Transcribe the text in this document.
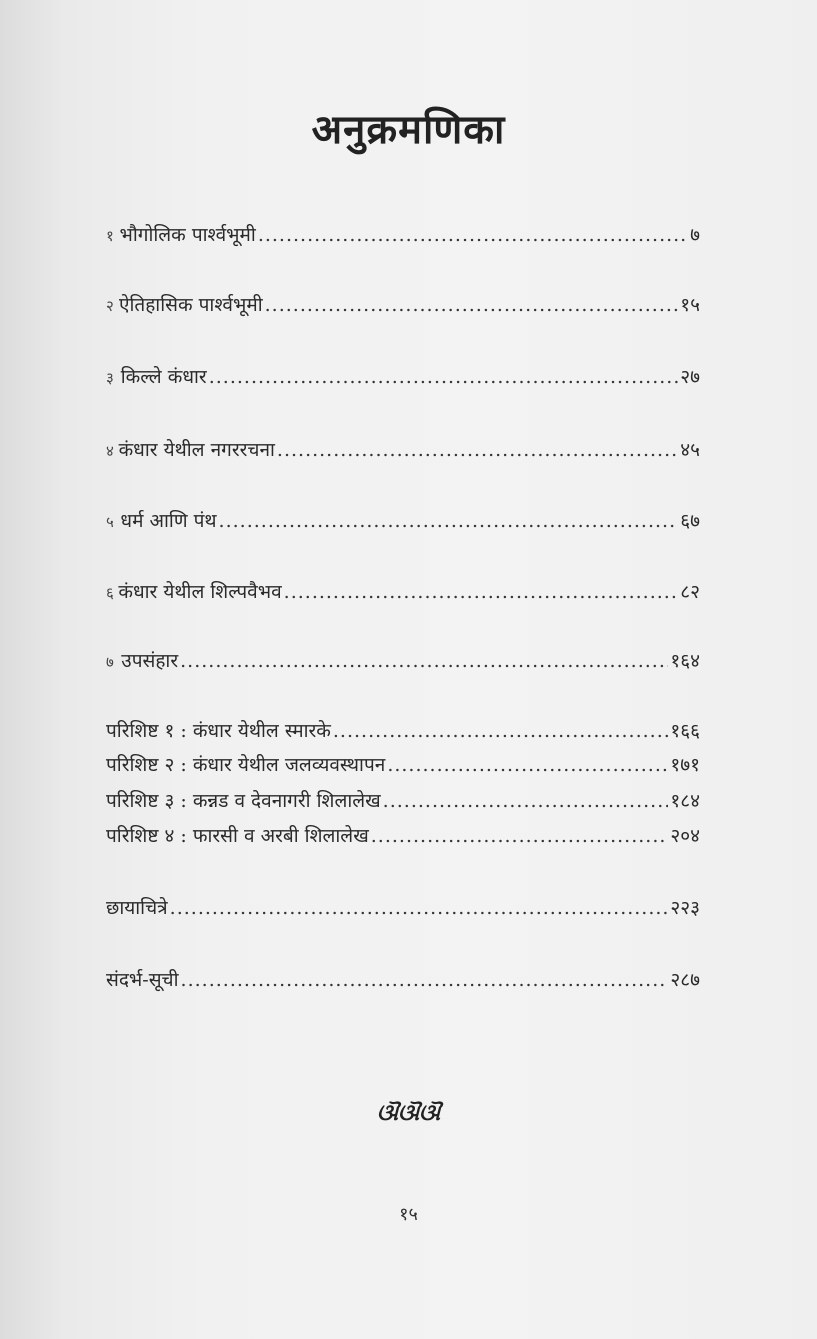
अनुक्रमणिका
१ भौगोलिक पार्श्वभूमी .....	७
२ ऐतिहासिक पार्श्वभूमी .....	१५
३ किल्ले कंधार .....	२७
४ कंधार येथील नगररचना .....	४५
५ धर्म आणि पंथ .....	६७
६ कंधार येथील शिल्पवैभव .....	८२
७ उपसंहार .....	१६४
परिशिष्ट १ : कंधार येथील स्मारके .....	१६६
परिशिष्ट २ : कंधार येथील जलव्यवस्थापन .....	१७१
परिशिष्ट ३ : कन्नड व देवनागरी शिलालेख .....	१८४
परिशिष्ट ४ : फारसी व अरबी शिलालेख .....	२०४
छायाचित्रे .....	२२३
संदर्भ-सूची .....	२८७
ଔଔଔ
१५
